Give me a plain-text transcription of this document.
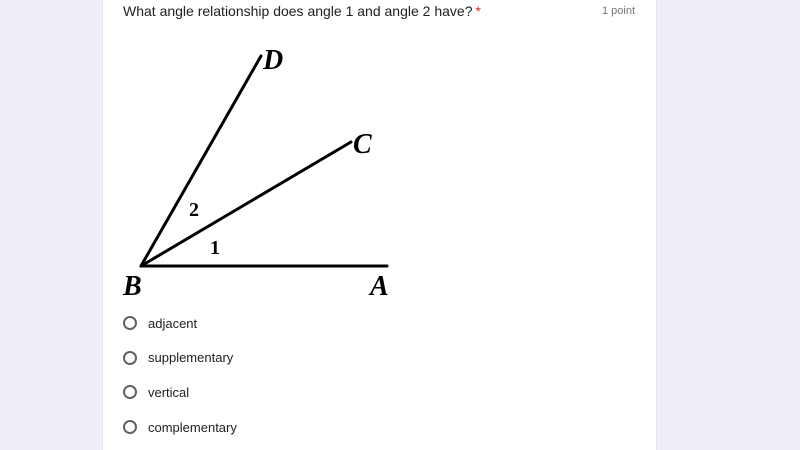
What angle relationship does angle 1 and angle 2 have? *	1 point
D
C
B	A
2
1
adjacent
supplementary
vertical
complementary
